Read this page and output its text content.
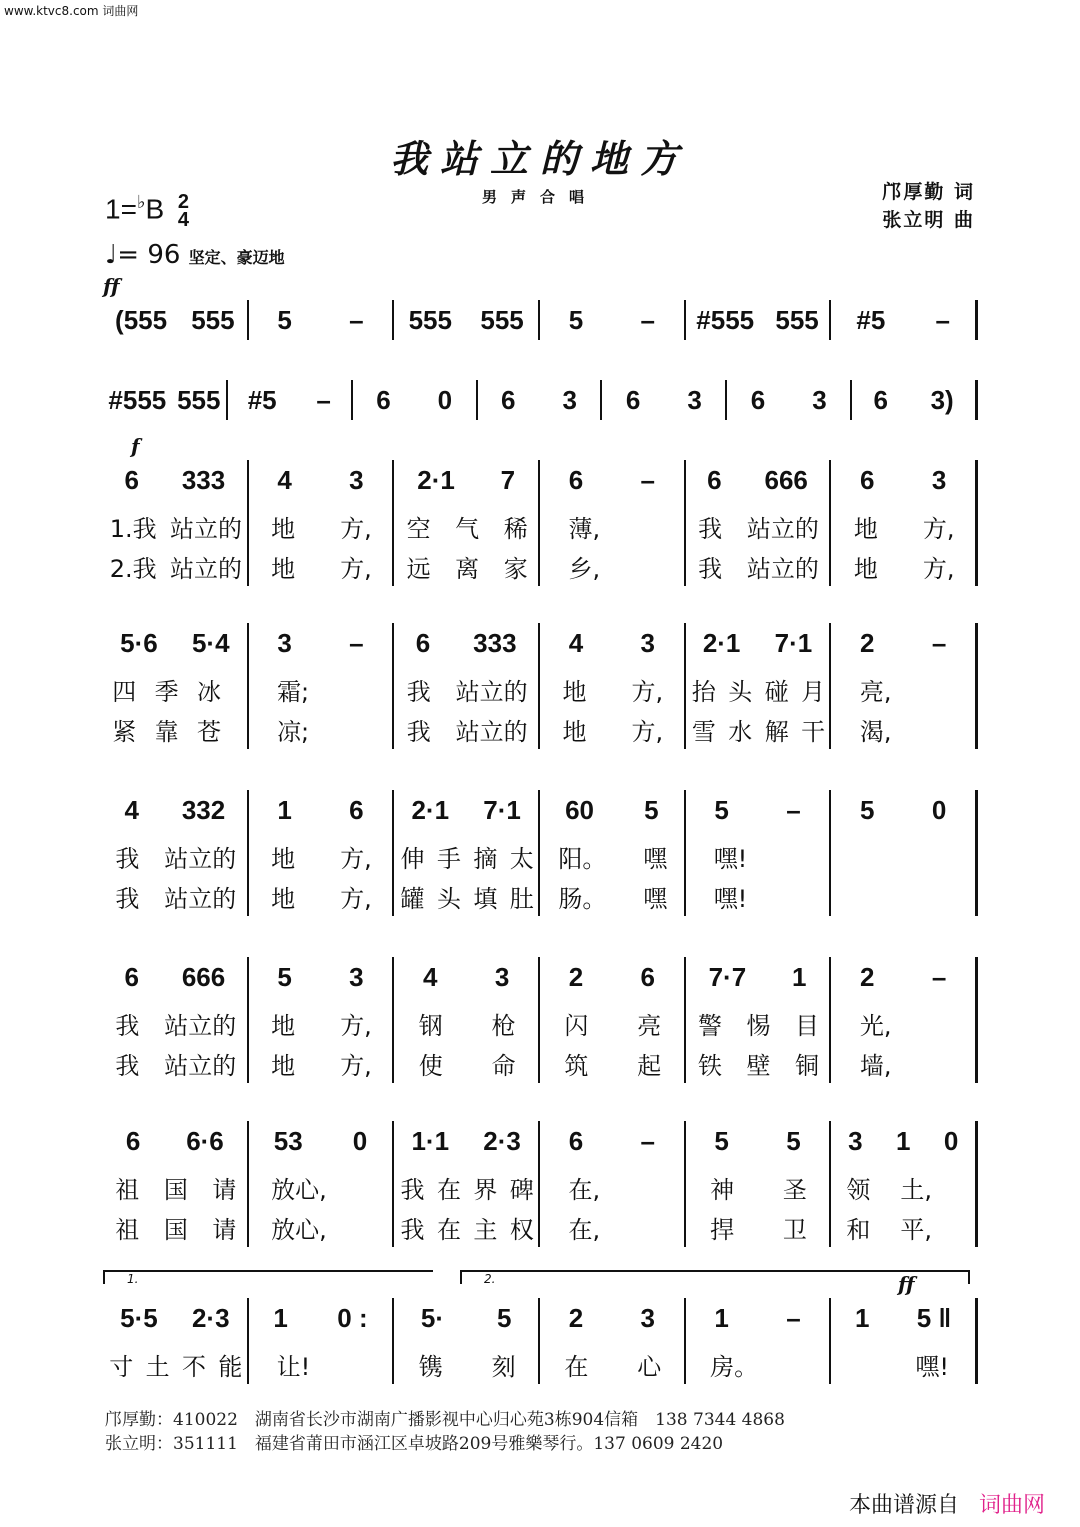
www.ktvc8.com 词曲网
我站立的地方
男声合唱	邝厚勤 词
张立明 曲
1=♭B 2
4
♩= 96 坚定、豪迈地
(555 555 5 – 555 555 5 – #555 555 #5 –
#555 555 #5 – 6 0 6 3 6 3 6 3 6 3)
6 333
1.我 站立的
2.我 站立的
4 3
地 方,
地 方,
2·1 7
空 气 稀
远 离 家
6 –
薄,
乡,
6 666
我 站立的
我 站立的
6 3
地 方,
地 方,
5·6 5·4
四 季 冰
紧 靠 苍
3 –
霜;
凉;
6 333
我 站立的
我 站立的
4 3
地 方,
地 方,
2·1 7·1
抬 头 碰 月
雪 水 解 干
2 –
亮,
渴,
4 332
我 站立的
我 站立的
1 6
地 方,
地 方,
2·1 7·1
伸 手 摘 太
罐 头 填 肚
60 5
阳。 嘿
肠。 嘿
5 –
嘿!
嘿!
5 0
6 666
我 站立的
我 站立的
5 3
地 方,
地 方,
4 3
钢 枪
使 命
2 6
闪 亮
筑 起
7·7 1
警 惕 目
铁 壁 铜
2 –
光,
墙,
6 6·6
祖 国 请
祖 国 请
53 0
放心,
放心,
1·1 2·3
我 在 界 碑
我 在 主 权
6 –
在,
在,
5 5
神 圣
捍 卫
3 1 0
领 土,
和 平,
5·5 2·3
寸 土 不 能
1 0 :
让!
5· 5
镌 刻
2 3
在 心
1 –
房。
1 5 ‖
嘿!
邝厚勤：410022　湖南省长沙市湖南广播影视中心归心苑3栋904信箱　138 7344 4868
张立明：351111　福建省莆田市涵江区卓坡路209号雅樂琴行。137 0609 2420
本曲谱源自 词曲网
ff
f
ff
1.	2.
